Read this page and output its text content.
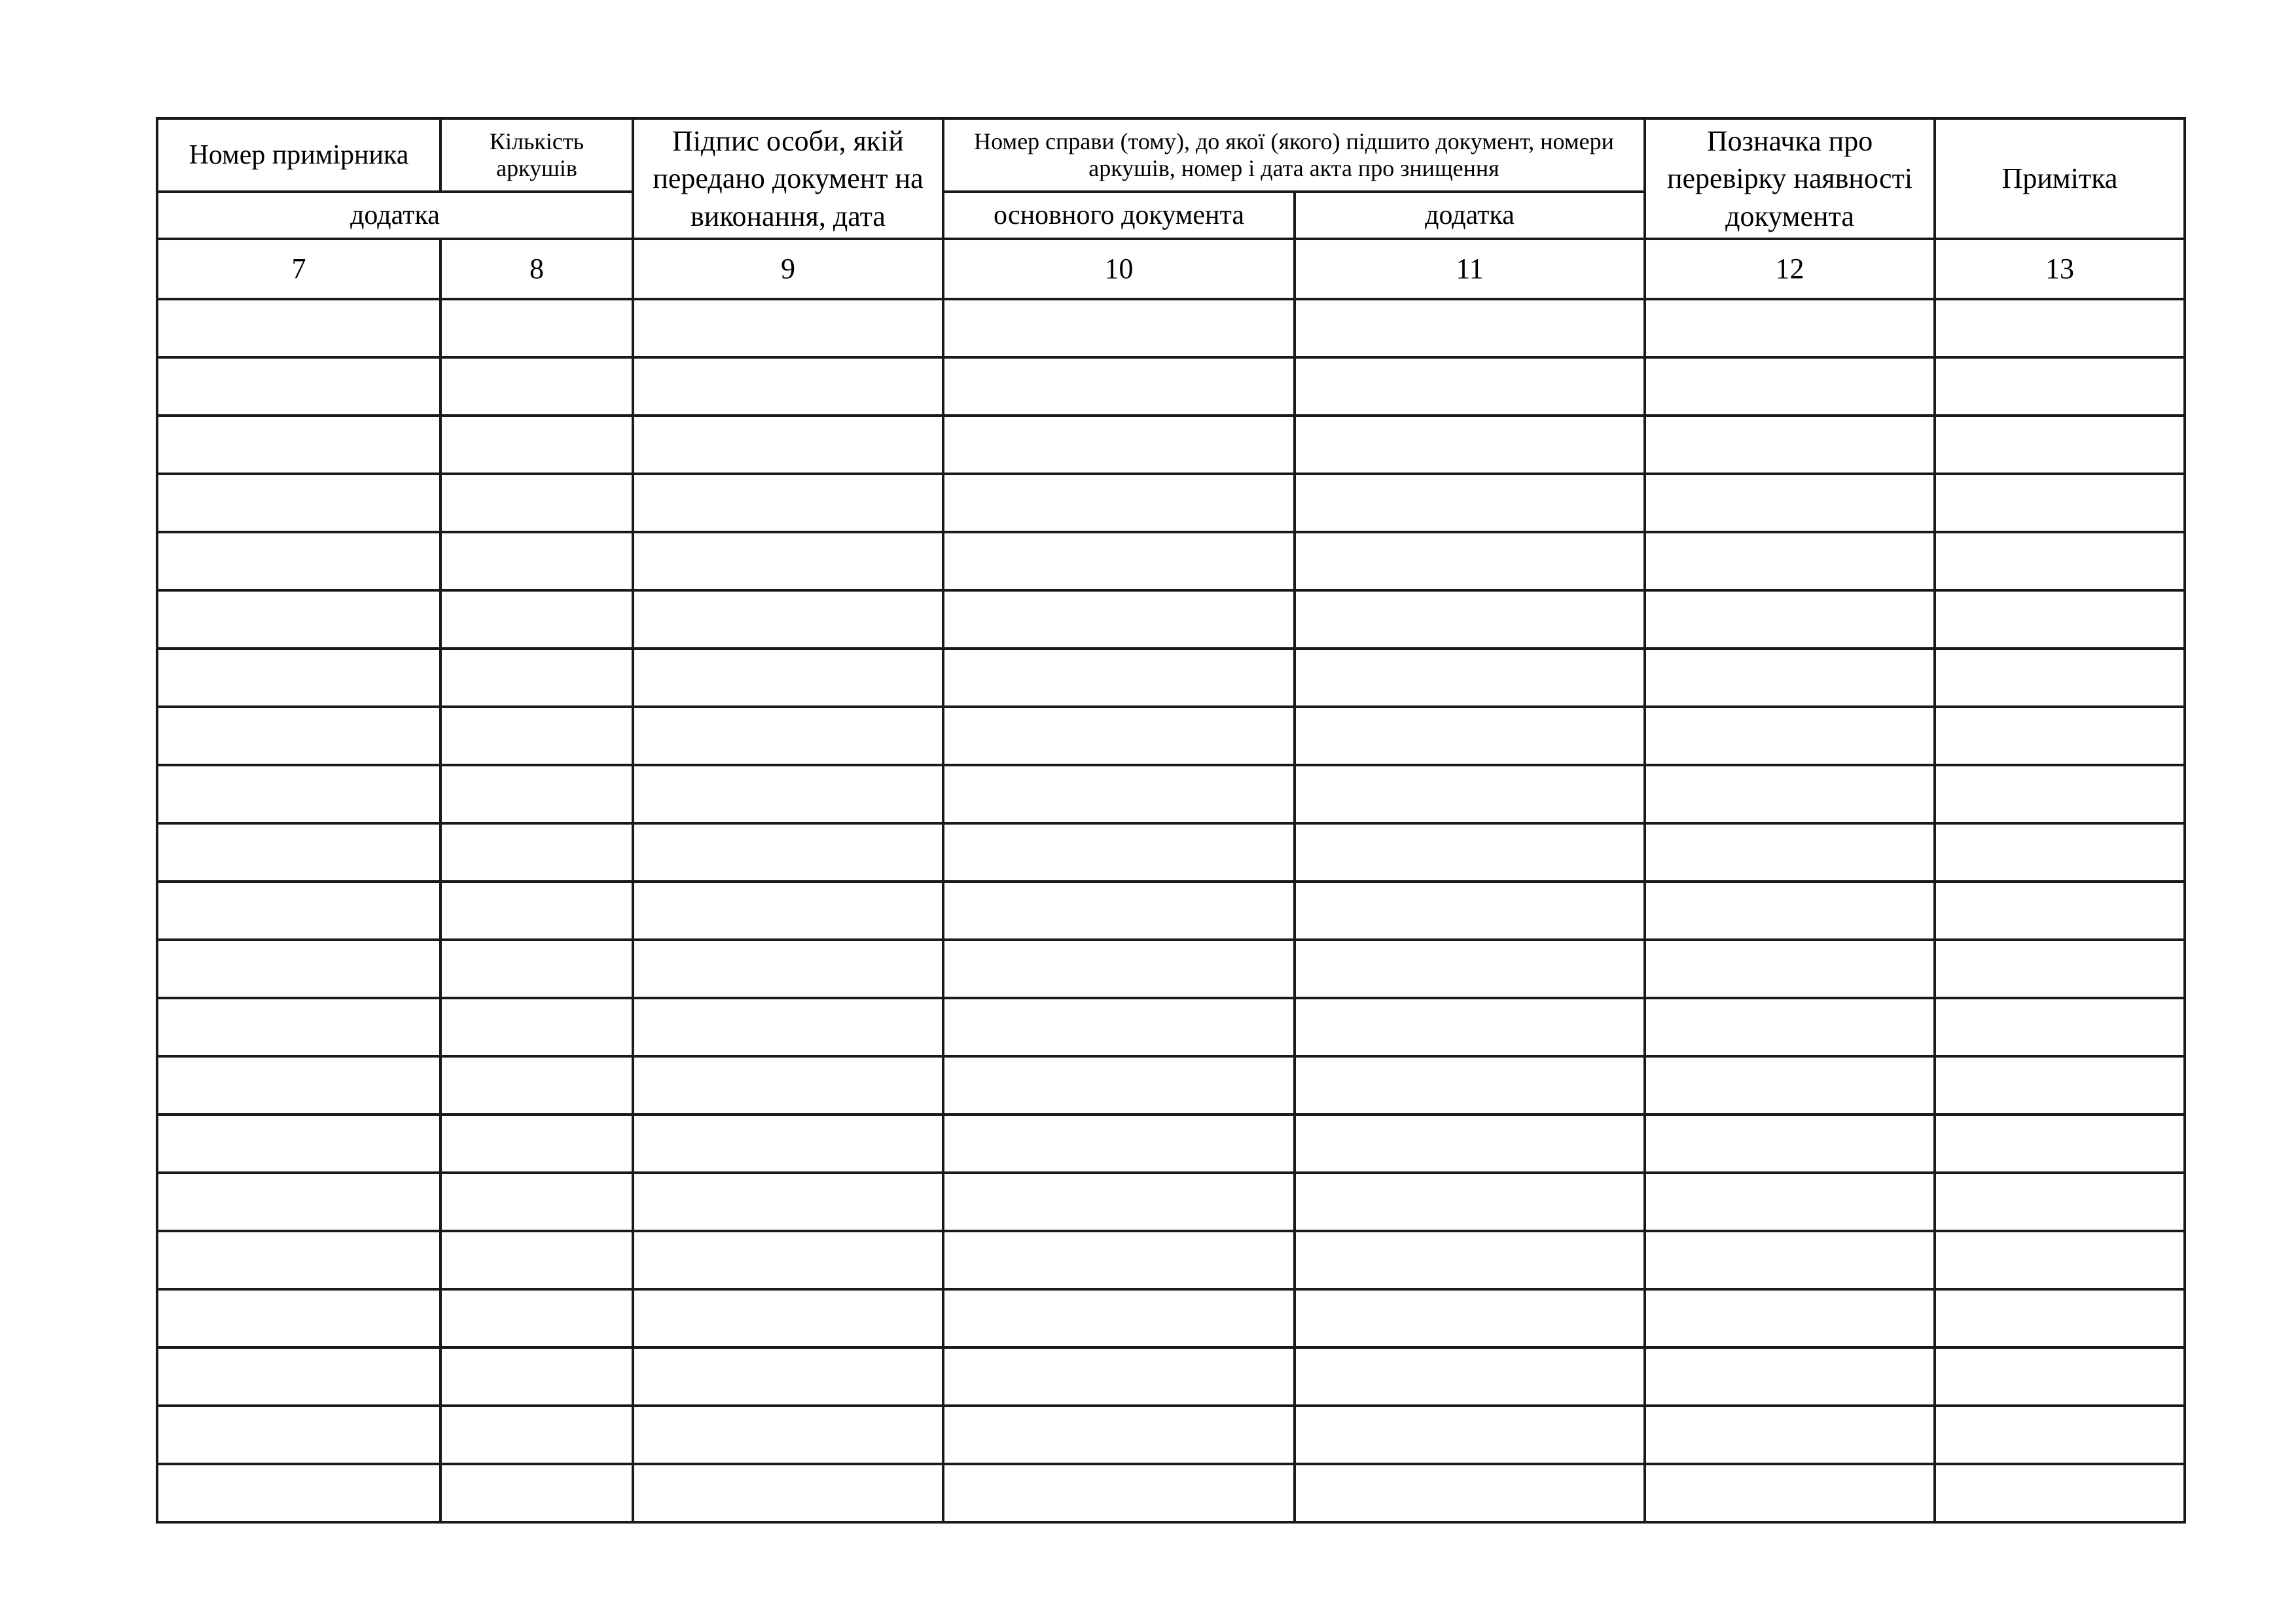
Номер примірника	Кількість аркушів	Підпис особи, якій передано документ на виконання, дата	Номер справи (тому), до якої (якого) підшито документ, номери аркушів, номер і дата акта про знищення		Позначка про перевірку наявності документа	Примітка
додатка			основного документа	додатка		
7	8	9	10	11	12	13
